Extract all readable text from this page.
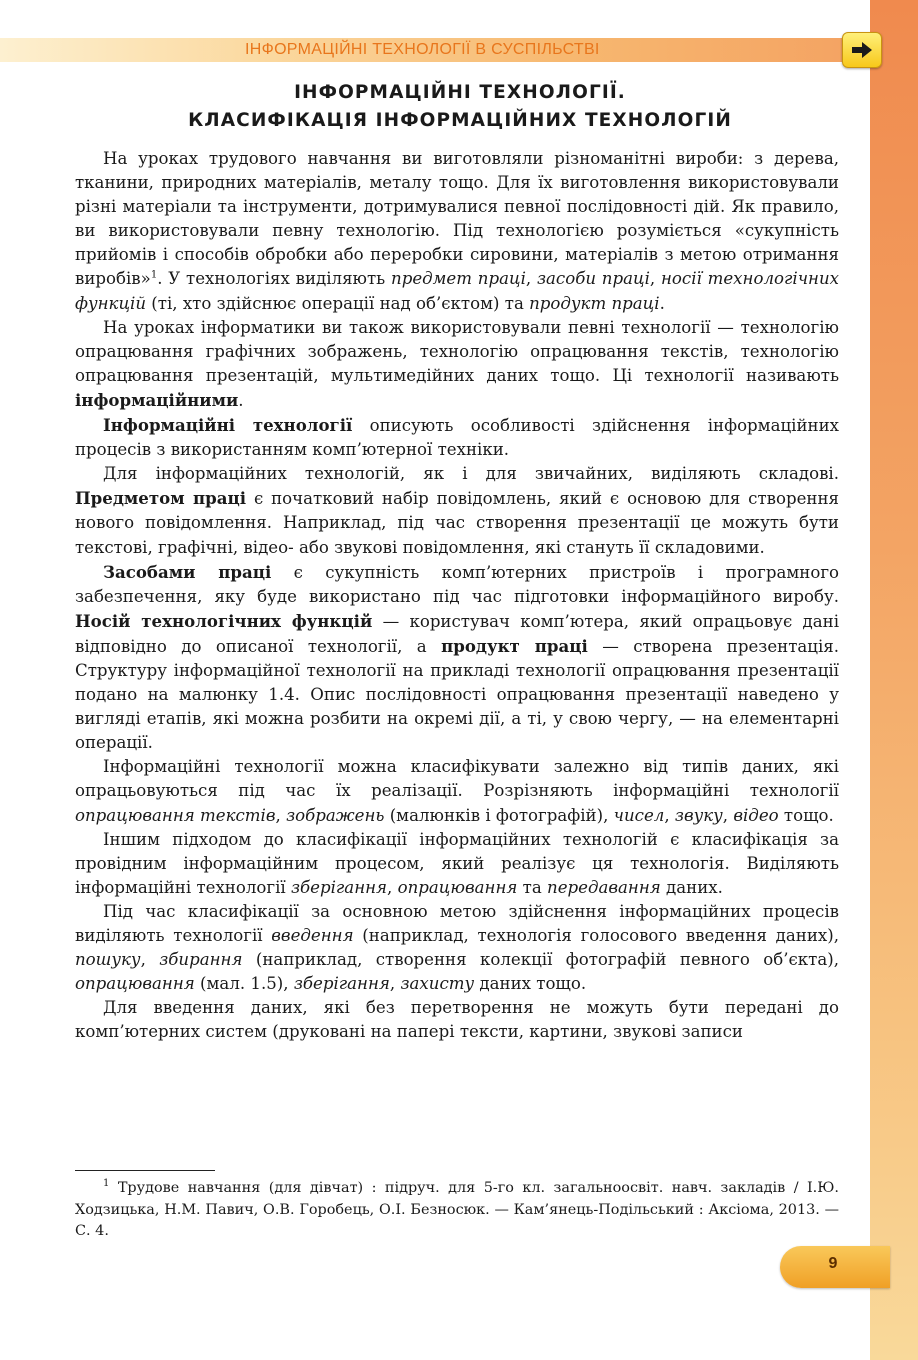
ІНФОРМАЦІЙНІ ТЕХНОЛОГІЇ В СУСПІЛЬСТВІ
ІНФОРМАЦІЙНІ ТЕХНОЛОГІЇ.
КЛАСИФІКАЦІЯ ІНФОРМАЦІЙНИХ ТЕХНОЛОГІЙ

На уроках трудового навчання ви виготовляли різноманітні вироби: з дерева, тканини, природних матеріалів, металу тощо. Для їх виготовлення використовували різні матеріали та інструменти, дотримувалися певної послідовності дій. Як правило, ви використовували певну технологію. Під технологією розуміється «сукупність прийомів і способів обробки або переробки сировини, матеріалів з метою отримання виробів»$^1$. У технологіях виділяють предмет праці, засоби праці, носії технологічних функцій (ті, хто здійснює операції над об’єктом) та продукт праці.

На уроках інформатики ви також використовували певні технології — технологію опрацювання графічних зображень, технологію опрацювання текстів, технологію опрацювання презентацій, мультимедійних даних тощо. Ці технології називають інформаційними.

Інформаційні технології описують особливості здійснення інформаційних процесів з використанням комп’ютерної техніки.

Для інформаційних технологій, як і для звичайних, виділяють складові. Предметом праці є початковий набір повідомлень, який є основою для створення нового повідомлення. Наприклад, під час створення презентації це можуть бути текстові, графічні, відео- або звукові повідомлення, які стануть її складовими.

Засобами праці є сукупність комп’ютерних пристроїв і програмного забезпечення, яку буде використано під час підготовки інформаційного виробу. Носій технологічних функцій — користувач комп’ютера, який опрацьовує дані відповідно до описаної технології, а продукт праці — створена презентація. Структуру інформаційної технології на прикладі технології опрацювання презентації подано на малюнку 1.4. Опис послідовності опрацювання презентації наведено у вигляді етапів, які можна розбити на окремі дії, а ті, у свою чергу, — на елементарні операції.

Інформаційні технології можна класифікувати залежно від типів даних, які опрацьовуються під час їх реалізації. Розрізняють інформаційні технології опрацювання текстів, зображень (малюнків і фотографій), чисел, звуку, відео тощо.

Іншим підходом до класифікації інформаційних технологій є класифікація за провідним інформаційним процесом, який реалізує ця технологія. Виділяють інформаційні технології зберігання, опрацювання та передавання даних.

Під час класифікації за основною метою здійснення інформаційних процесів виділяють технології введення (наприклад, технологія голосового введення даних), пошуку, збирання (наприклад, створення колекції фотографій певного об’єкта), опрацювання (мал. 1.5), зберігання, захисту даних тощо.

Для введення даних, які без перетворення не можуть бути передані до комп’ютерних систем (друковані на папері тексти, картини, звукові записи

$^1$ Трудове навчання (для дівчат) : підруч. для 5-го кл. загальноосвіт. навч. закладів / І.Ю. Ходзицька, Н.М. Павич, О.В. Горобець, О.І. Безносюк. — Кам’янець-Подільський : Аксіома, 2013. — С. 4.
9
